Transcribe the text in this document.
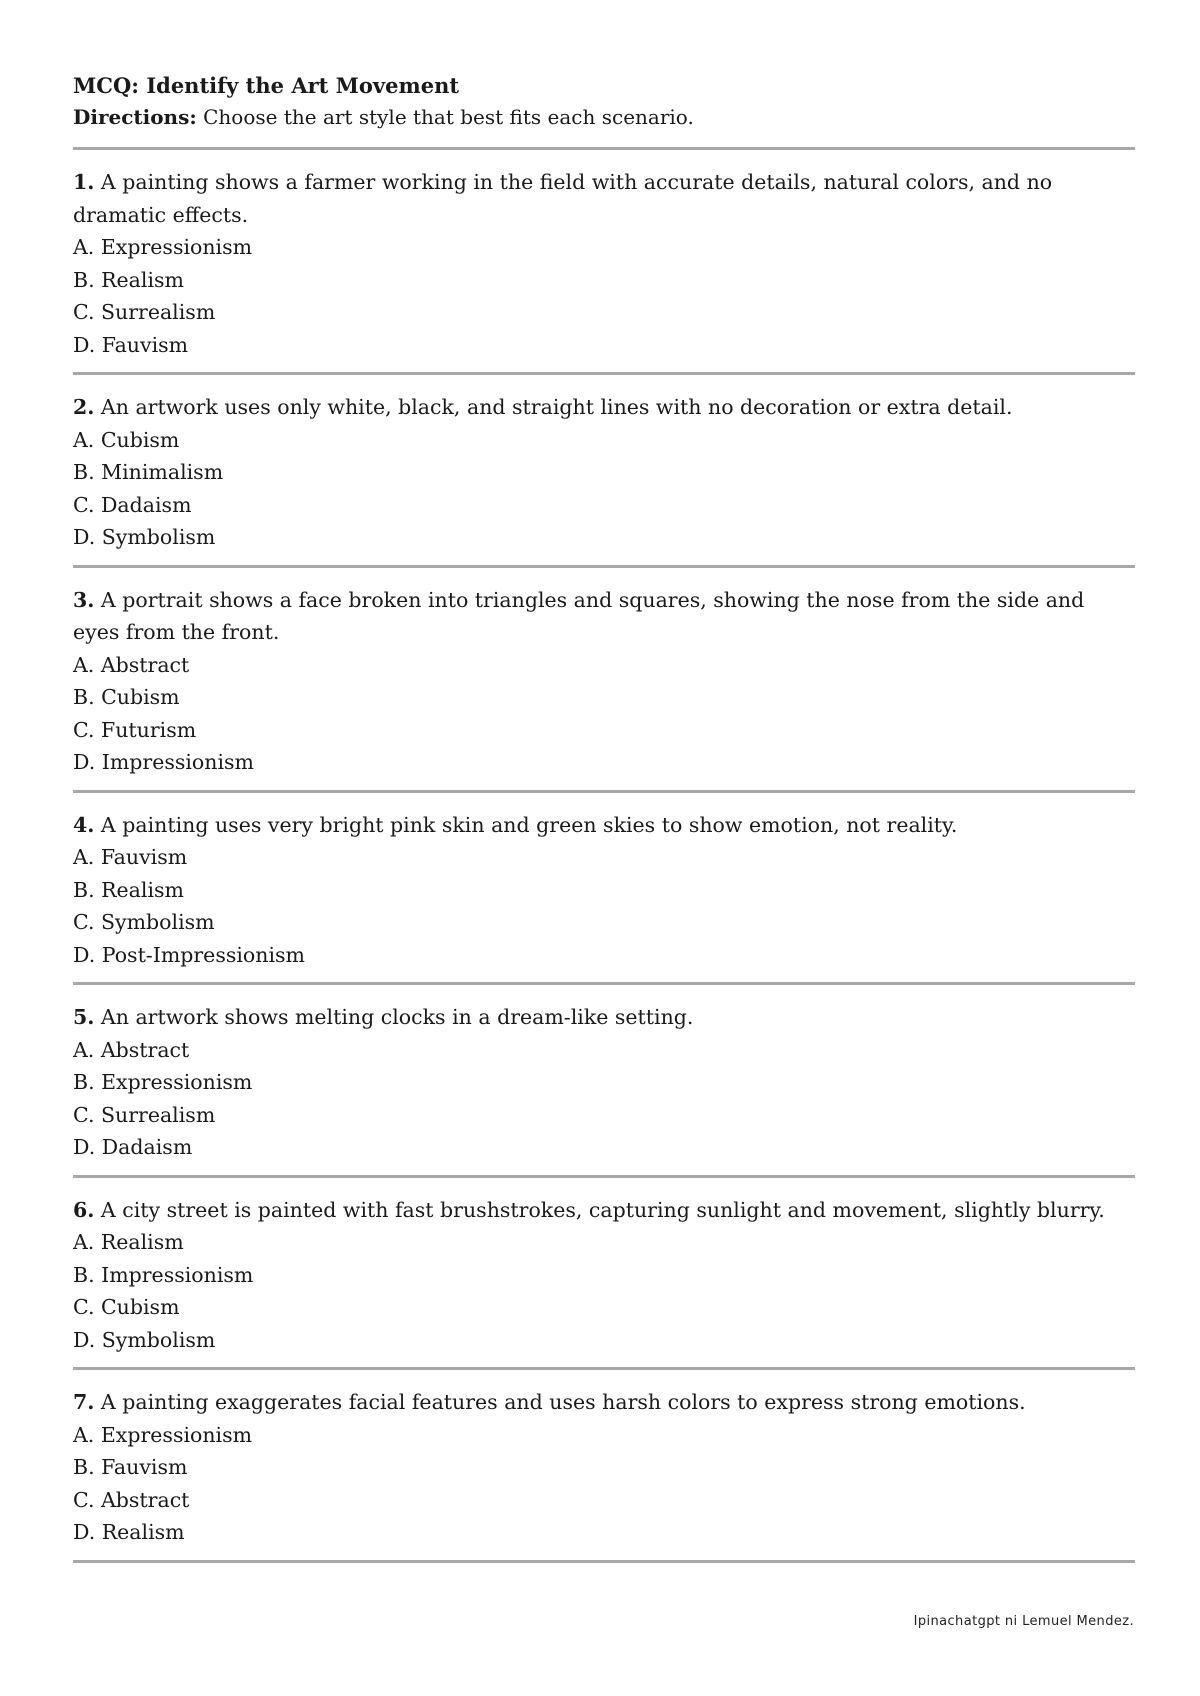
MCQ: Identify the Art Movement

Directions: Choose the art style that best fits each scenario.

1. A painting shows a farmer working in the field with accurate details, natural colors, and no dramatic effects.

A. Expressionism

B. Realism

C. Surrealism

D. Fauvism

2. An artwork uses only white, black, and straight lines with no decoration or extra detail.

A. Cubism

B. Minimalism

C. Dadaism

D. Symbolism

3. A portrait shows a face broken into triangles and squares, showing the nose from the side and eyes from the front.

A. Abstract

B. Cubism

C. Futurism

D. Impressionism

4. A painting uses very bright pink skin and green skies to show emotion, not reality.

A. Fauvism

B. Realism

C. Symbolism

D. Post-Impressionism

5. An artwork shows melting clocks in a dream-like setting.

A. Abstract

B. Expressionism

C. Surrealism

D. Dadaism

6. A city street is painted with fast brushstrokes, capturing sunlight and movement, slightly blurry.

A. Realism

B. Impressionism

C. Cubism

D. Symbolism

7. A painting exaggerates facial features and uses harsh colors to express strong emotions.

A. Expressionism

B. Fauvism

C. Abstract

D. Realism

Ipinachatgpt ni Lemuel Mendez.
